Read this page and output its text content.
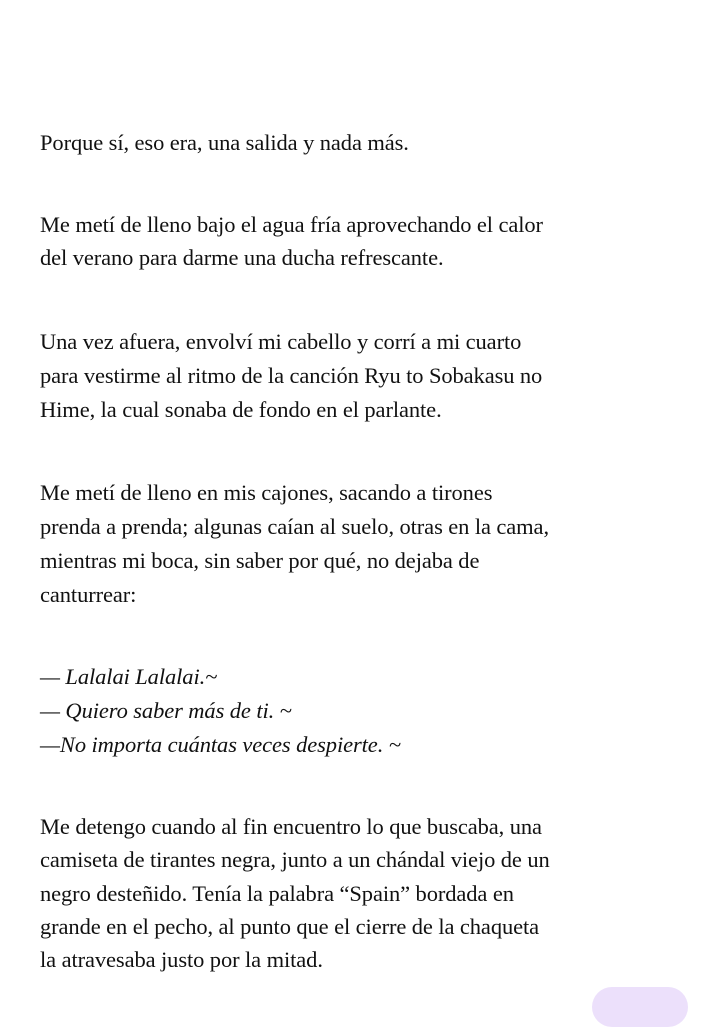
Porque sí, eso era, una salida y nada más.
Me metí de lleno bajo el agua fría aprovechando el calor
del verano para darme una ducha refrescante.
Una vez afuera, envolví mi cabello y corrí a mi cuarto
para vestirme al ritmo de la canción Ryu to Sobakasu no
Hime, la cual sonaba de fondo en el parlante.
Me metí de lleno en mis cajones, sacando a tirones
prenda a prenda; algunas caían al suelo, otras en la cama,
mientras mi boca, sin saber por qué, no dejaba de
canturrear:
— Lalalai Lalalai.~
— Quiero saber más de ti. ~
—No importa cuántas veces despierte. ~
Me detengo cuando al fin encuentro lo que buscaba, una
camiseta de tirantes negra, junto a un chándal viejo de un
negro desteñido. Tenía la palabra “Spain” bordada en
grande en el pecho, al punto que el cierre de la chaqueta
la atravesaba justo por la mitad.
